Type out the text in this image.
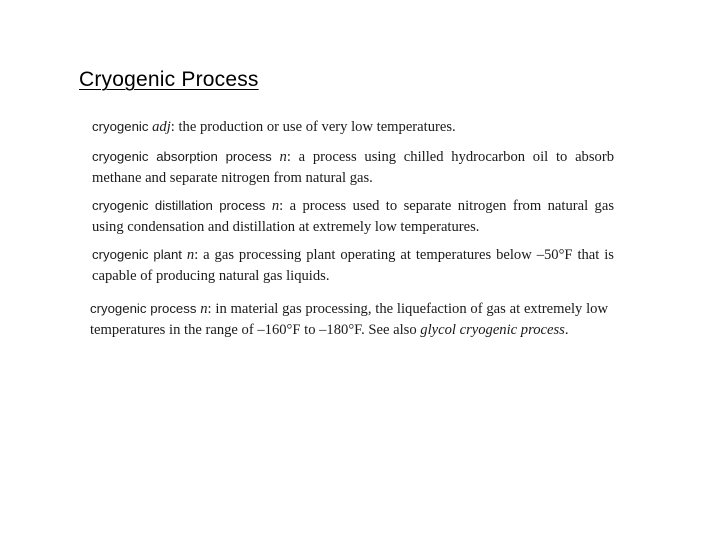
Cryogenic Process

cryogenic adj: the production or use of very low temperatures.

cryogenic absorption process n: a process using chilled hydrocarbon oil to absorb methane and separate nitrogen from natural gas.

cryogenic distillation process n: a process used to separate nitrogen from natural gas using condensation and distillation at extremely low temperatures.

cryogenic plant n: a gas processing plant operating at temperatures below –50°F that is capable of producing natural gas liquids.

cryogenic process n: in material gas processing, the liquefaction of gas at extremely low temperatures in the range of –160°F to –180°F. See also glycol cryogenic process.
